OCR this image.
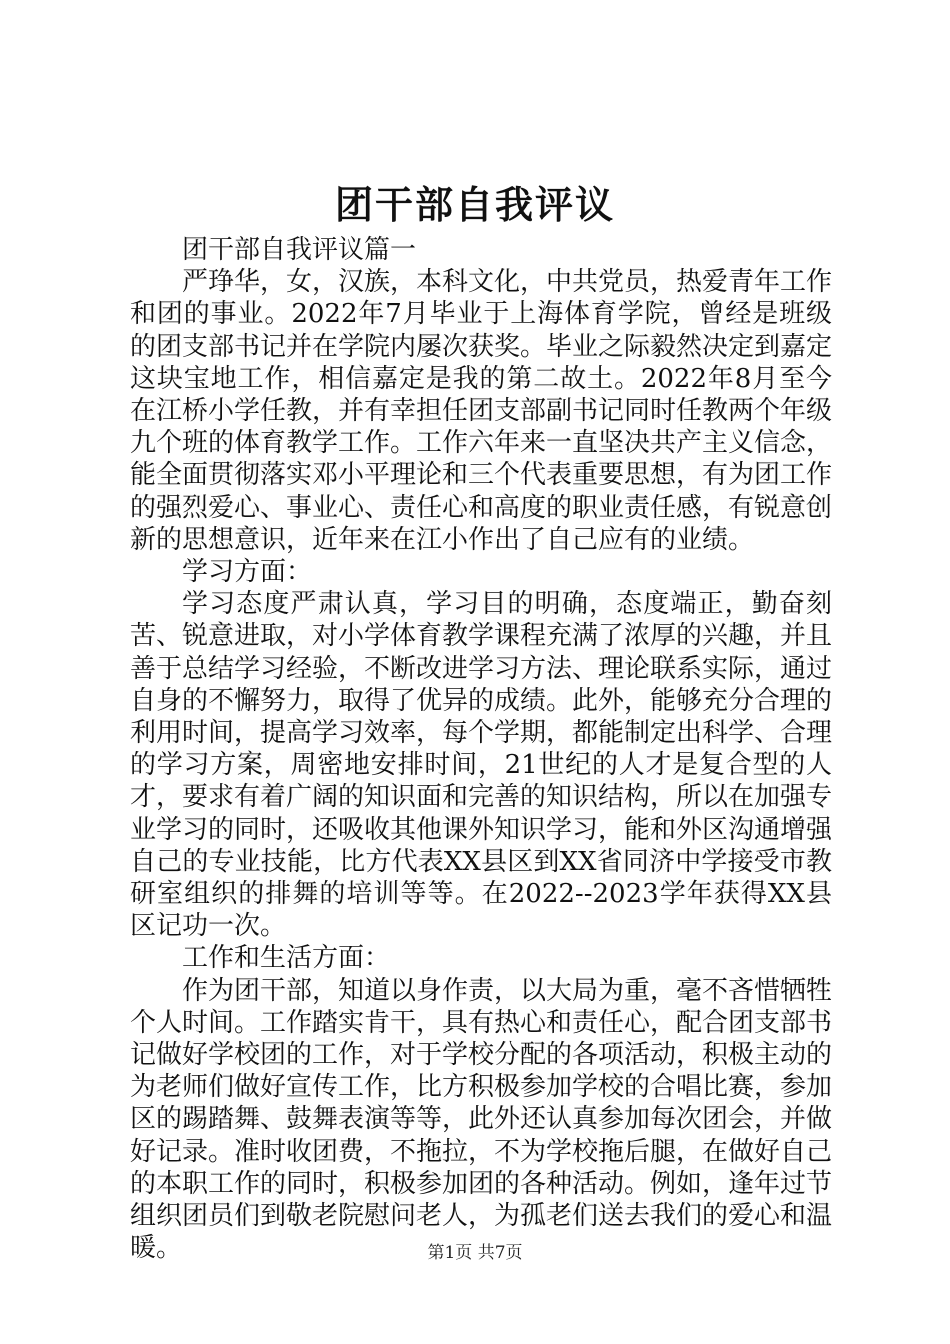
团干部自我评议

团干部自我评议篇一

严琤华，女，汉族，本科文化，中共党员，热爱青年工作和团的事业。2022年7月毕业于上海体育学院，曾经是班级的团支部书记并在学院内屡次获奖。毕业之际毅然决定到嘉定这块宝地工作，相信嘉定是我的第二故土。2022年8月至今在江桥小学任教，并有幸担任团支部副书记同时任教两个年级九个班的体育教学工作。工作六年来一直坚决共产主义信念，能全面贯彻落实邓小平理论和三个代表重要思想，有为团工作的强烈爱心、事业心、责任心和高度的职业责任感，有锐意创新的思想意识，近年来在江小作出了自己应有的业绩。

学习方面：

学习态度严肃认真，学习目的明确，态度端正，勤奋刻苦、锐意进取，对小学体育教学课程充满了浓厚的兴趣，并且善于总结学习经验，不断改进学习方法、理论联系实际，通过自身的不懈努力，取得了优异的成绩。此外，能够充分合理的利用时间，提高学习效率，每个学期，都能制定出科学、合理的学习方案，周密地安排时间，21世纪的人才是复合型的人才，要求有着广阔的知识面和完善的知识结构，所以在加强专业学习的同时，还吸收其他课外知识学习，能和外区沟通增强自己的专业技能，比方代表XX县区到XX省同济中学接受市教研室组织的排舞的培训等等。在2022--2023学年获得XX县区记功一次。

工作和生活方面：

作为团干部，知道以身作责，以大局为重，毫不吝惜牺牲个人时间。工作踏实肯干，具有热心和责任心，配合团支部书记做好学校团的工作，对于学校分配的各项活动，积极主动的为老师们做好宣传工作，比方积极参加学校的合唱比赛，参加区的踢踏舞、鼓舞表演等等，此外还认真参加每次团会，并做好记录。准时收团费，不拖拉，不为学校拖后腿，在做好自己的本职工作的同时，积极参加团的各种活动。例如，逢年过节组织团员们到敬老院慰问老人，为孤老们送去我们的爱心和温暖。	第1页 共7页
